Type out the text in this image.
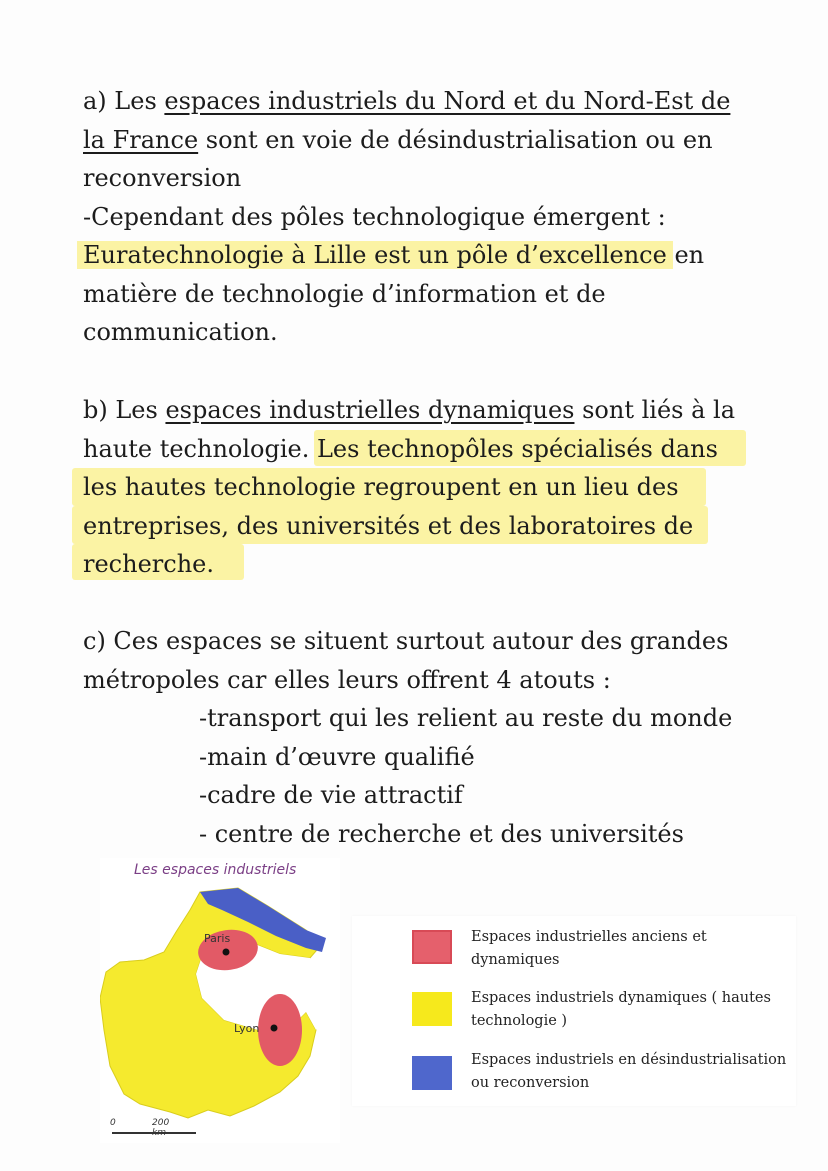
a) Les espaces industriels du Nord et du Nord-Est de
la France sont en voie de désindustrialisation ou en
reconversion
-Cependant des pôles technologique émergent :
Euratechnologie à Lille est un pôle d’excellence en
matière de technologie d’information et de
communication.
b) Les espaces industrielles dynamiques sont liés à la
haute technologie. Les technopôles spécialisés dans
les hautes technologie regroupent en un lieu des
entreprises, des universités et des laboratoires de
recherche.
c) Ces espaces se situent surtout autour des grandes
métropoles car elles leurs offrent 4 atouts :
-transport qui les relient au reste du monde
-main d’œuvre qualifié
-cadre de vie attractif
- centre de recherche et des universités
Les espaces industriels
Paris
Lyon
0	200
Espaces industrielles anciens et dynamiques
Espaces industriels dynamiques ( hautes technologie )
Espaces industriels en désindustrialisation ou reconversion
